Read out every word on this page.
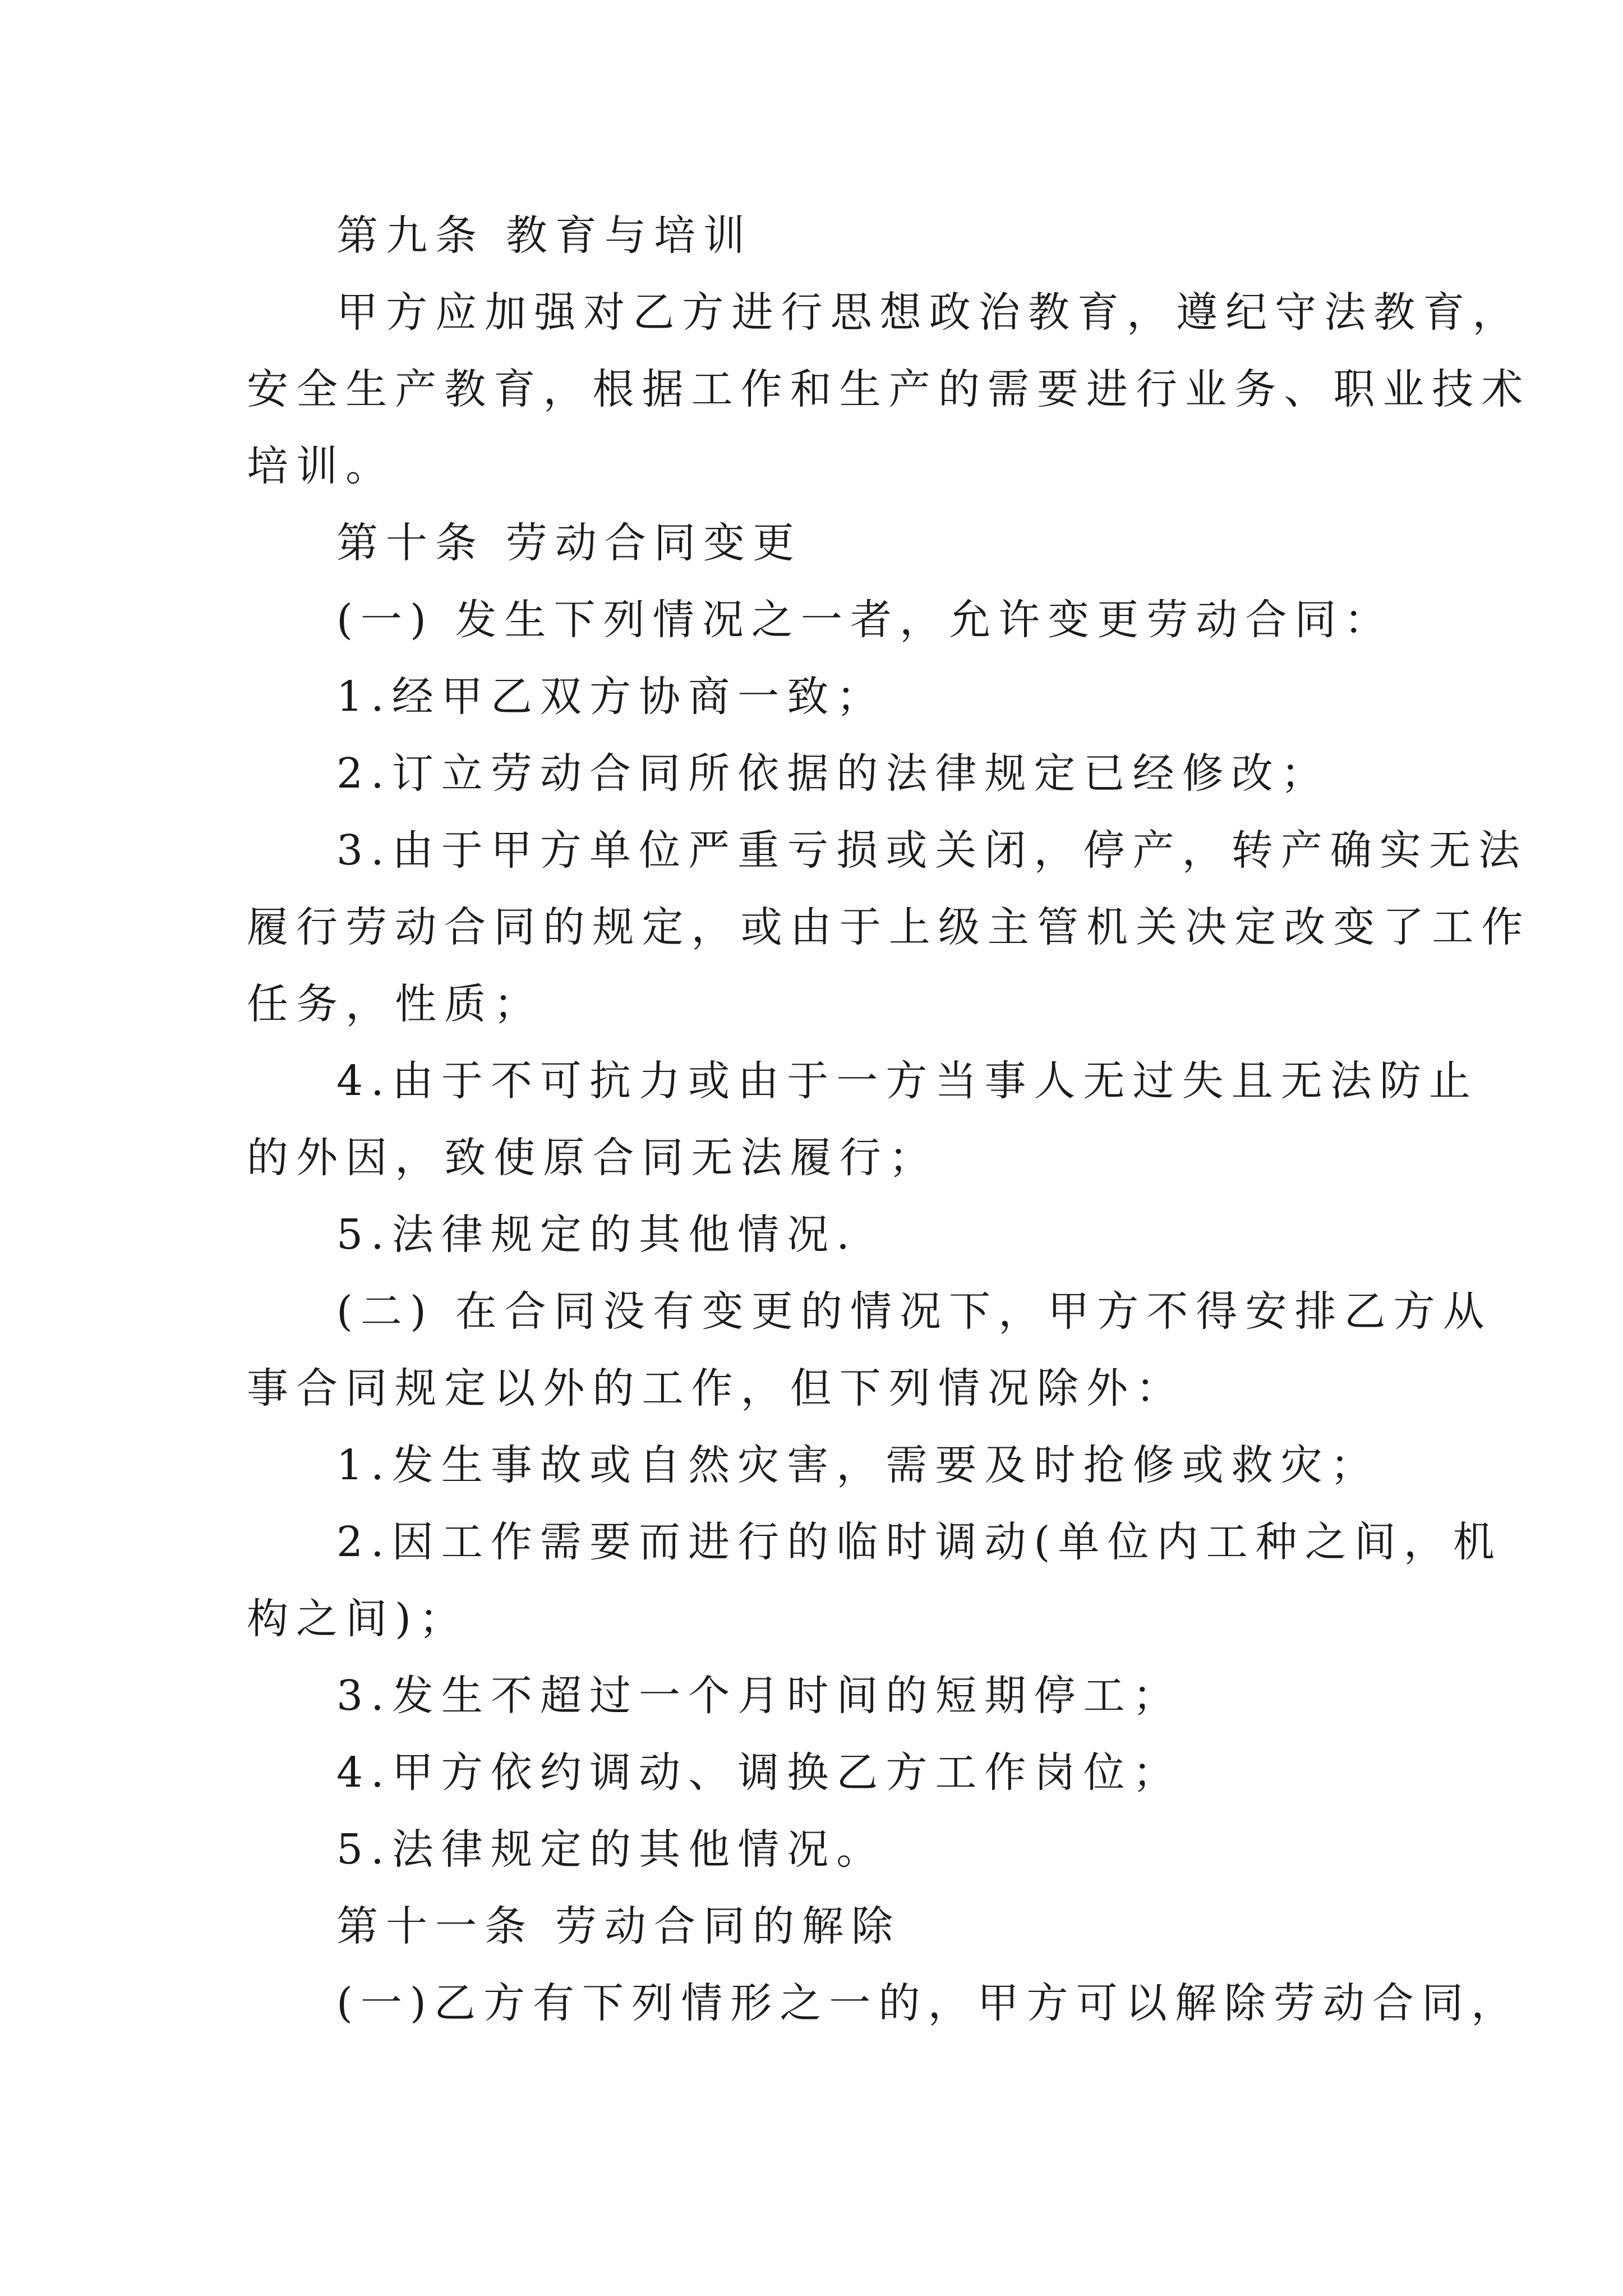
第九条 教育与培训
甲方应加强对乙方进行思想政治教育，遵纪守法教育，
安全生产教育，根据工作和生产的需要进行业务、职业技术
培训。
第十条 劳动合同变更
(一) 发生下列情况之一者，允许变更劳动合同：
1.经甲乙双方协商一致；
2.订立劳动合同所依据的法律规定已经修改；
3.由于甲方单位严重亏损或关闭，停产，转产确实无法
履行劳动合同的规定，或由于上级主管机关决定改变了工作
任务，性质；
4.由于不可抗力或由于一方当事人无过失且无法防止
的外因，致使原合同无法履行；
5.法律规定的其他情况.
(二) 在合同没有变更的情况下，甲方不得安排乙方从
事合同规定以外的工作，但下列情况除外：
1.发生事故或自然灾害，需要及时抢修或救灾；
2.因工作需要而进行的临时调动(单位内工种之间，机
构之间)；
3.发生不超过一个月时间的短期停工；
4.甲方依约调动、调换乙方工作岗位；
5.法律规定的其他情况。
第十一条 劳动合同的解除
(一)乙方有下列情形之一的，甲方可以解除劳动合同，
